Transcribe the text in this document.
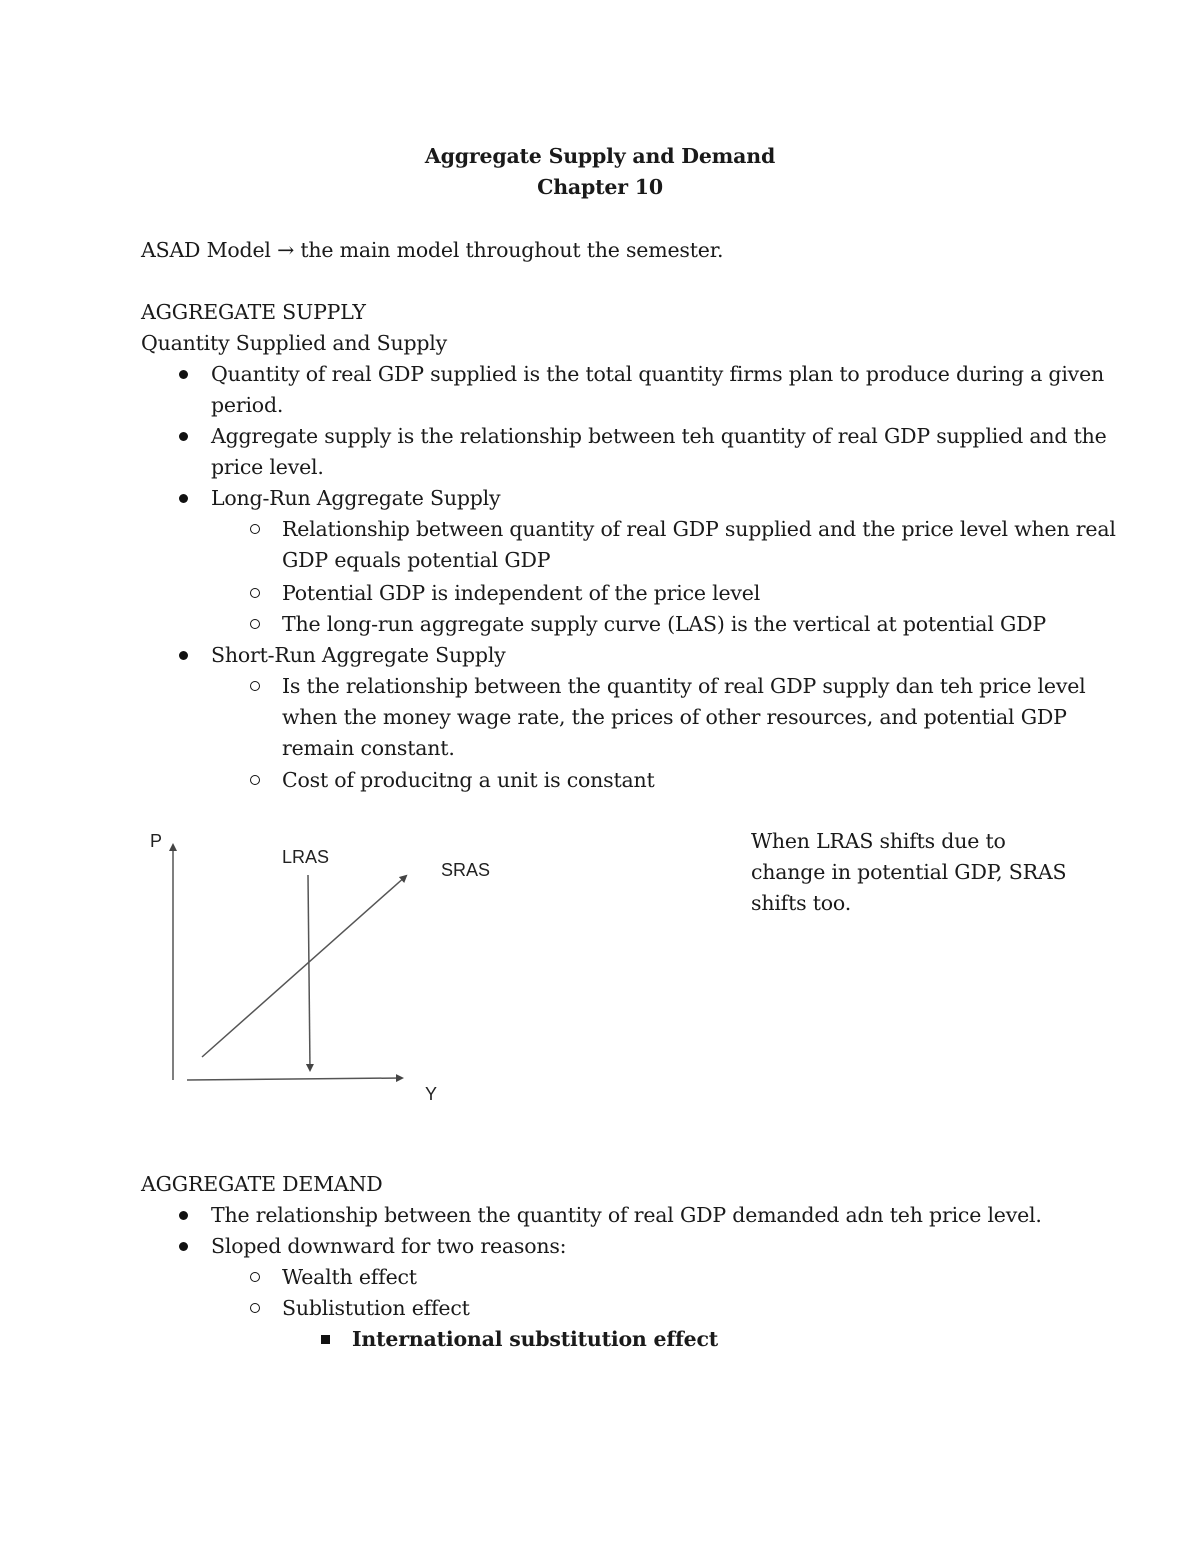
Aggregate Supply and Demand
Chapter 10
ASAD Model → the main model throughout the semester.
AGGREGATE SUPPLY
Quantity Supplied and Supply
Quantity of real GDP supplied is the total quantity firms plan to produce during a given
period.
Aggregate supply is the relationship between teh quantity of real GDP supplied and the
price level.
Long-Run Aggregate Supply
Relationship between quantity of real GDP supplied and the price level when real
GDP equals potential GDP
Potential GDP is independent of the price level
The long-run aggregate supply curve (LAS) is the vertical at potential GDP
Short-Run Aggregate Supply
Is the relationship between the quantity of real GDP supply dan teh price level
when the money wage rate, the prices of other resources, and potential GDP
remain constant.
Cost of producitng a unit is constant
P
Y
LRAS
SRAS
When LRAS shifts due to
change in potential GDP, SRAS
shifts too.
AGGREGATE DEMAND
The relationship between the quantity of real GDP demanded adn teh price level.
Sloped downward for two reasons:
Wealth effect
Sublistution effect
International substitution effect
